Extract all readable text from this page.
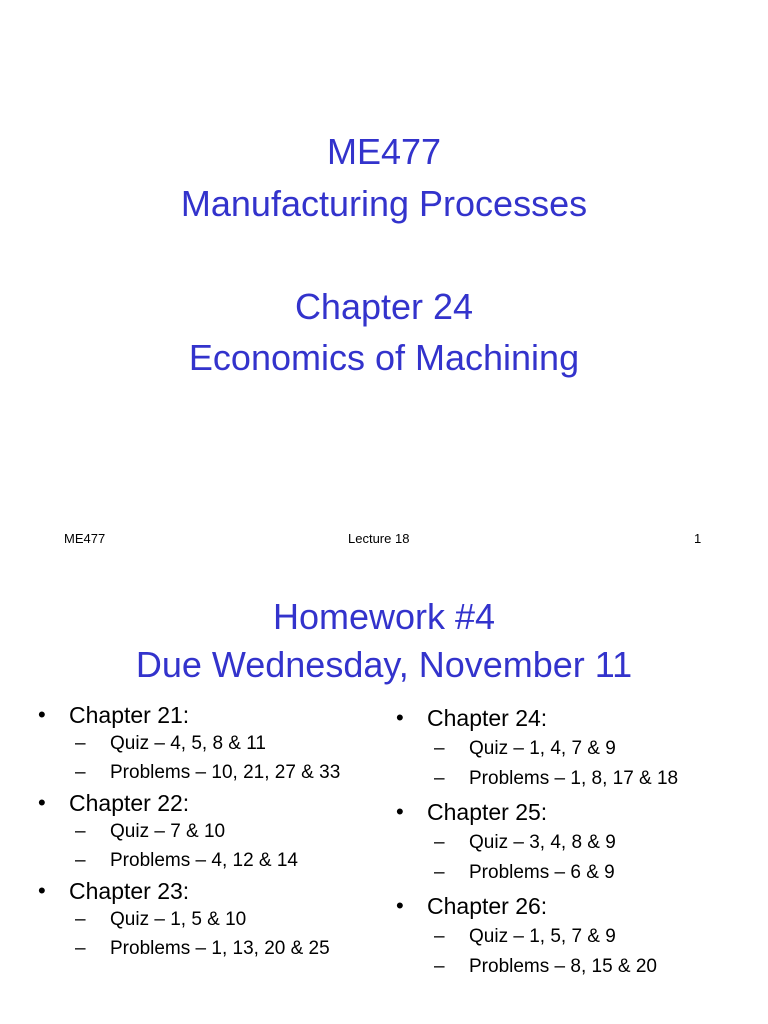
ME477
Manufacturing Processes
Chapter 24
Economics of Machining
ME477	Lecture 18	1
Homework #4
Due Wednesday, November 11
• Chapter 21:
– Quiz – 4, 5, 8 & 11
– Problems – 10, 21, 27 & 33
• Chapter 22:
– Quiz – 7 & 10
– Problems – 4, 12 & 14
• Chapter 23:
– Quiz – 1, 5 & 10
– Problems – 1, 13, 20 & 25
• Chapter 24:
– Quiz – 1, 4, 7 & 9
– Problems – 1, 8, 17 & 18
• Chapter 25:
– Quiz – 3, 4, 8 & 9
– Problems – 6 & 9
• Chapter 26:
– Quiz – 1, 5, 7 & 9
– Problems – 8, 15 & 20
